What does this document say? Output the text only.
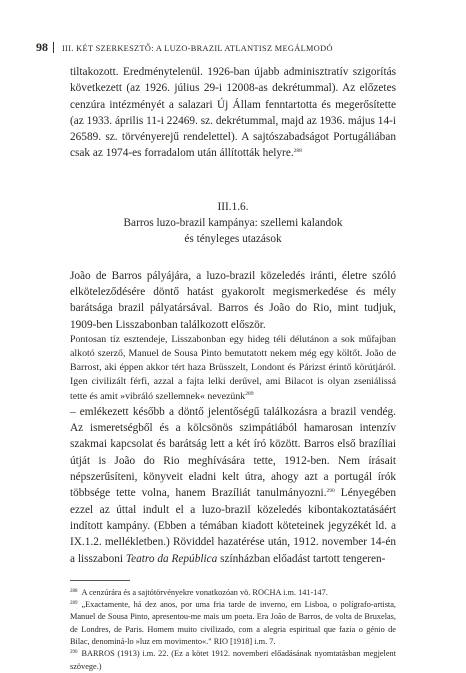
98 III. KÉT SZERKESZTŐ: A LUZO-BRAZIL ATLANTISZ MEGÁLMODÓ

tiltakozott. Eredménytelenül. 1926-ban újabb adminisztratív szigorítás következett (az 1926. július 29-i 12008-as dekrétummal). Az előzetes cenzúra intézményét a salazari Új Állam fenntartotta és megerősítette (az 1933. április 11-i 22469. sz. dekrétummal, majd az 1936. május 14-i 26589. sz. törvényerejű rendelettel). A sajtószabadságot Portugáliában csak az 1974-es forradalom után állították helyre.$^{288}$

III.1.6.
Barros luzo-brazil kampánya: szellemi kalandok
és tényleges utazások

João de Barros pályájára, a luzo-brazil közeledés iránti, életre szóló elköteleződésére döntő hatást gyakorolt megismerkedése és mély barátsága brazil pályatársával. Barros és João do Rio, mint tudjuk, 1909-ben Lisszabonban találkozott először.

Pontosan tíz esztendeje, Lisszabonban egy hideg téli délutánon a sok műfajban alkotó szerző, Manuel de Sousa Pinto bemutatott nekem még egy költőt. João de Barrost, aki éppen akkor tért haza Brüsszelt, Londont és Párizst érintő körútjáról. Igen civilizált férfi, azzal a fajta lelki derűvel, ami Bilacot is olyan zseniálissá tette és amit »vibráló szellemnek« nevezünk$^{289}$

– emlékezett később a döntő jelentőségű találkozásra a brazil vendég. Az ismeretségből és a kölcsönös szimpátiából hamarosan intenzív szakmai kapcsolat és barátság lett a két író között. Barros első brazíliai útját is João do Rio meghívására tette, 1912-ben. Nem írásait népszerűsíteni, könyveit eladni kelt útra, ahogy azt a portugál írók többsége tette volna, hanem Brazíliát tanulmányozni.$^{290}$ Lényegében ezzel az úttal indult el a luzo-brazil közeledés kibontakoztatásáért indított kampány. (Ebben a témában kiadott köteteinek jegyzékét ld. a IX.1.2. mellékletben.) Röviddel hazatérése után, 1912. november 14-én a lisszaboni Teatro da República színházban előadást tartott tengeren-

$^{288}$ A cenzúrára és a sajtótörvényekre vonatkozóan vö. ROCHA i.m. 141-147.

$^{289}$ „Exactamente, há dez anos, por uma fria tarde de inverno, em Lisboa, o polígrafo-artista, Manuel de Sousa Pinto, apresentou-me mais um poeta. Era João de Barros, de volta de Bruxelas, de Londres, de Paris. Homem muito civilizado, com a alegria espiritual que fazia o génio de Bilac, denominá-lo »luz em movimento«." RIO [1918] i.m. 7.

$^{290}$ BARROS (1913) i.m. 22. (Ez a kötet 1912. novemberi előadásának nyomtatásban megjelent szövege.)
